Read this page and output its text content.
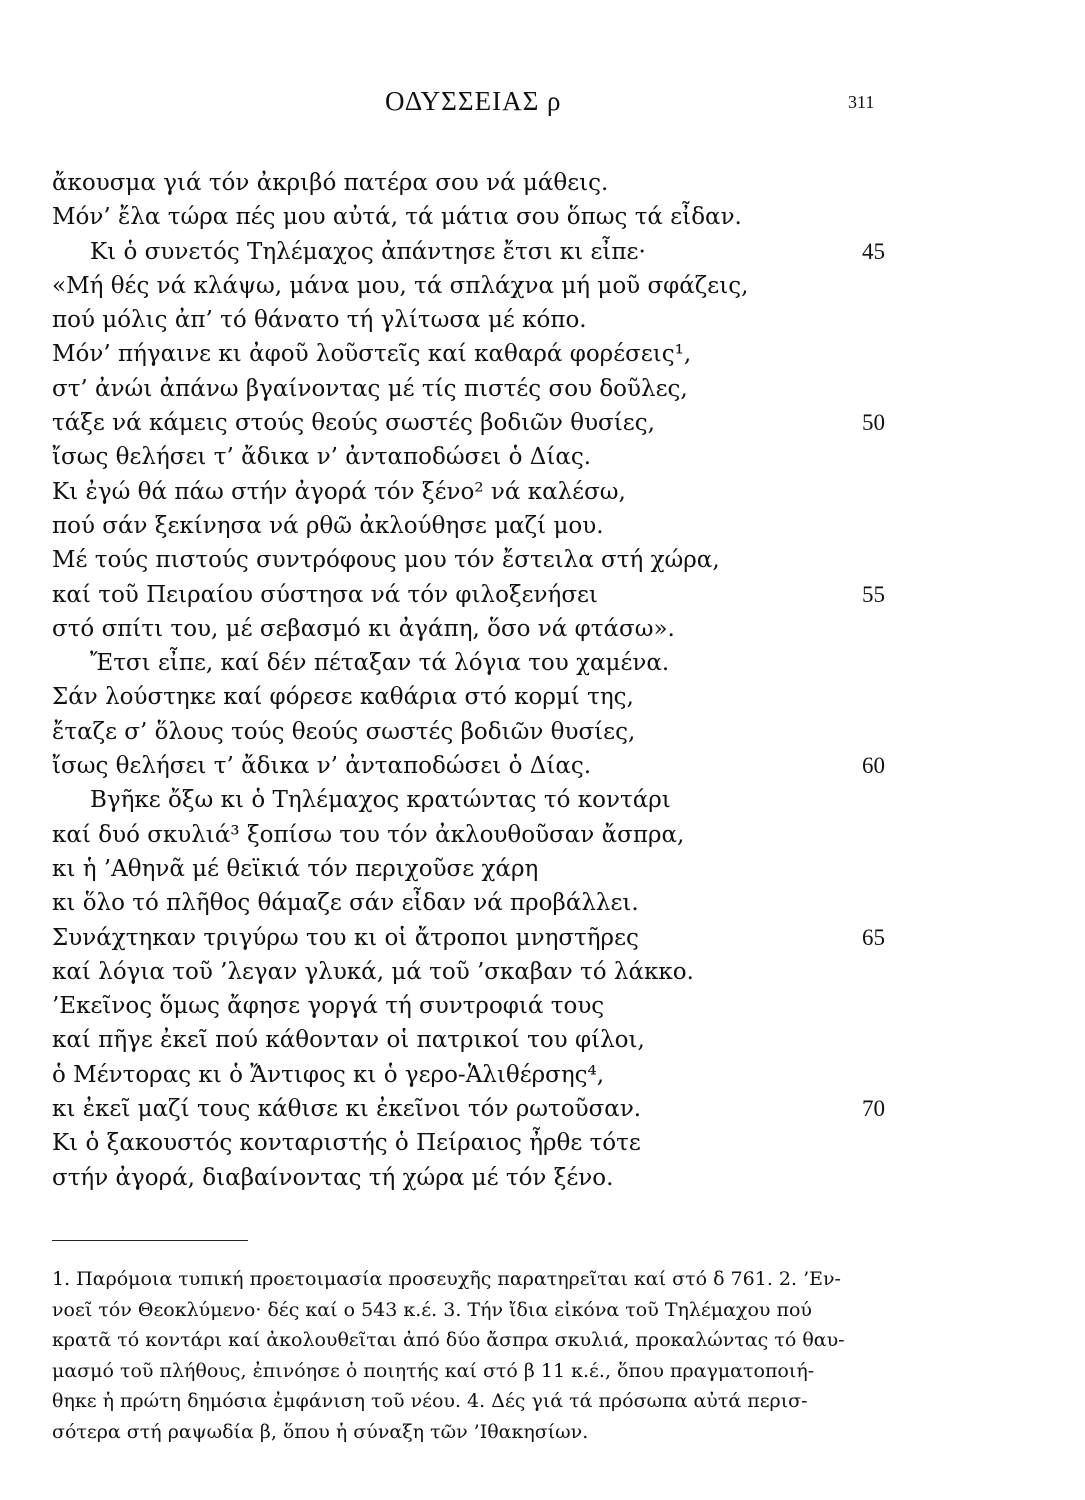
ΟΔΥΣΣΕΙΑΣ ρ	311
ἄκουσμα γιά τόν ἀκριβό πατέρα σου νά μάθεις.
Μόν’ ἔλα τώρα πές μου αὐτά, τά μάτια σου ὅπως τά εἶδαν.
Κι ὁ συνετός Τηλέμαχος ἀπάντησε ἔτσι κι εἶπε·	45
«Μή θές νά κλάψω, μάνα μου, τά σπλάχνα μή μοῦ σφάζεις,
πού μόλις ἀπ’ τό θάνατο τή γλίτωσα μέ κόπο.
Μόν’ πήγαινε κι ἀφοῦ λοῦστεῖς καί καθαρά φορέσεις¹,
στ’ ἀνώι ἀπάνω βγαίνοντας μέ τίς πιστές σου δοῦλες,
τάξε νά κάμεις στούς θεούς σωστές βοδιῶν θυσίες,	50
ἴσως θελήσει τ’ ἄδικα ν’ ἀνταποδώσει ὁ Δίας.
Κι ἐγώ θά πάω στήν ἀγορά τόν ξένο² νά καλέσω,
πού σάν ξεκίνησα νά ρθῶ ἀκλούθησε μαζί μου.
Μέ τούς πιστούς συντρόφους μου τόν ἔστειλα στή χώρα,
καί τοῦ Πειραίου σύστησα νά τόν φιλοξενήσει	55
στό σπίτι του, μέ σεβασμό κι ἀγάπη, ὅσο νά φτάσω».
Ἔτσι εἶπε, καί δέν πέταξαν τά λόγια του χαμένα.
Σάν λούστηκε καί φόρεσε καθάρια στό κορμί της,
ἔταζε σ’ ὅλους τούς θεούς σωστές βοδιῶν θυσίες,
ἴσως θελήσει τ’ ἄδικα ν’ ἀνταποδώσει ὁ Δίας.	60
Βγῆκε ὄξω κι ὁ Τηλέμαχος κρατώντας τό κοντάρι
καί δυό σκυλιά³ ξοπίσω του τόν ἀκλουθοῦσαν ἄσπρα,
κι ἡ ’Αθηνᾶ μέ θεϊκιά τόν περιχοῦσε χάρη
κι ὅλο τό πλῆθος θάμαζε σάν εἶδαν νά προβάλλει.
Συνάχτηκαν τριγύρω του κι οἱ ἄτροποι μνηστῆρες	65
καί λόγια τοῦ ’λεγαν γλυκά, μά τοῦ ’σκαβαν τό λάκκο.
’Εκεῖνος ὅμως ἄφησε γοργά τή συντροφιά τους
καί πῆγε ἐκεῖ πού κάθονταν οἱ πατρικοί του φίλοι,
ὁ Μέντορας κι ὁ Ἄντιφος κι ὁ γερο-Ἁλιθέρσης⁴,
κι ἐκεῖ μαζί τους κάθισε κι ἐκεῖνοι τόν ρωτοῦσαν.	70
Κι ὁ ξακουστός κονταριστής ὁ Πείραιος ἦρθε τότε
στήν ἀγορά, διαβαίνοντας τή χώρα μέ τόν ξένο.
1. Παρόμοια τυπική προετοιμασία προσευχῆς παρατηρεῖται καί στό δ 761. 2. ’Εν-
νοεῖ τόν Θεοκλύμενο· δές καί ο 543 κ.έ. 3. Τήν ἴδια εἰκόνα τοῦ Τηλέμαχου πού
κρατᾶ τό κοντάρι καί ἀκολουθεῖται ἀπό δύο ἄσπρα σκυλιά, προκαλώντας τό θαυ-
μασμό τοῦ πλήθους, ἐπινόησε ὁ ποιητής καί στό β 11 κ.έ., ὅπου πραγματοποιή-
θηκε ἡ πρώτη δημόσια ἐμφάνιση τοῦ νέου. 4. Δές γιά τά πρόσωπα αὐτά περισ-
σότερα στή ραψωδία β, ὅπου ἡ σύναξη τῶν ’Ιθακησίων.
